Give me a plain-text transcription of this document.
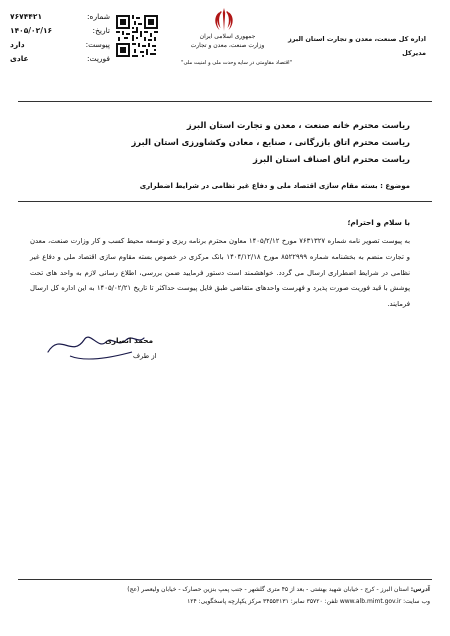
شماره:
۷۶۷۴۴۲۱
تاریخ:
۱۴۰۵/۰۲/۱۶
پیوست:
دارد
فوریت:
عادی
جمهوری اسلامی ایران
وزارت صنعت، معدن و تجارت
"اقتصاد مقاومتی در سایه وحدت ملی و امنیت ملی"
اداره کل صنعت، معدن و تجارت استان البرز
مدیرکل
ریاست محترم خانه صنعت ، معدن و تجارت استان البرز
ریاست محترم اتاق بازرگانی ، صنایع ، معادن وکشاورزی استان البرز
ریاست محترم اتاق اصناف استان البرز
موضوع : بسته مقام سازی اقتصاد ملی و دفاع غیر نظامی در شرایط اضطراری
با سلام و احترام؛
به پیوست تصویر نامه شماره ۷۶۳۱۳۲۷ مورخ ۱۴۰۵/۲/۱۲ معاون محترم برنامه ریزی و توسعه محیط کسب و کار وزارت صنعت، معدن و تجارت منضم به بخشنامه شماره ۸۵۲۲۹۹۹ مورخ ۱۴۰۴/۱۲/۱۸ بانک مرکزی در خصوص بسته مقاوم سازی اقتصاد ملی و دفاع غیر نظامی در شرایط اضطراری ارسال می گردد. خواهشمند است دستور فرمایید ضمن بررسی، اطلاع رسانی لازم به واحد های تحت پوشش با قید فوریت صورت پذیرد و فهرست واحدهای متقاضی طبق فایل پیوست حداکثر تا تاریخ ۱۴۰۵/۰۲/۲۱ به این اداره کل ارسال فرمایند.
محمد انصاری
از طرف
آدرس: استان البرز - کرج - خیابان شهید بهشتی - بعد از ۴۵ متری گلشهر - جنب پمپ بنزین حصارک - خیابان ولیعصر (عج)
وب سایت: www.alb.mimt.gov.ir تلفن: ۳۵۷۲۰ نمابر: ۳۴۵۵۳۱۳۱ مرکز یکپارچه پاسخگویی: ۱۲۴
